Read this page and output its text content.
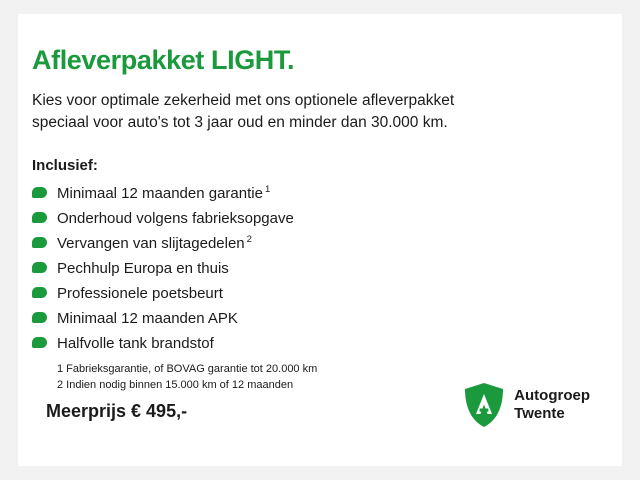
Afleverpakket LIGHT.

Kies voor optimale zekerheid met ons optionele afleverpakket
speciaal voor auto's tot 3 jaar oud en minder dan 30.000 km.

Inclusief:

Minimaal 12 maanden garantie $^1$
Onderhoud volgens fabrieksopgave
Vervangen van slijtagedelen $^2$
Pechhulp Europa en thuis
Professionele poetsbeurt
Minimaal 12 maanden APK
Halfvolle tank brandstof
1 Fabrieksgarantie, of BOVAG garantie tot 20.000 km
2 Indien nodig binnen 15.000 km of 12 maanden
Meerprijs € 495,-
Autogroep
Twente
